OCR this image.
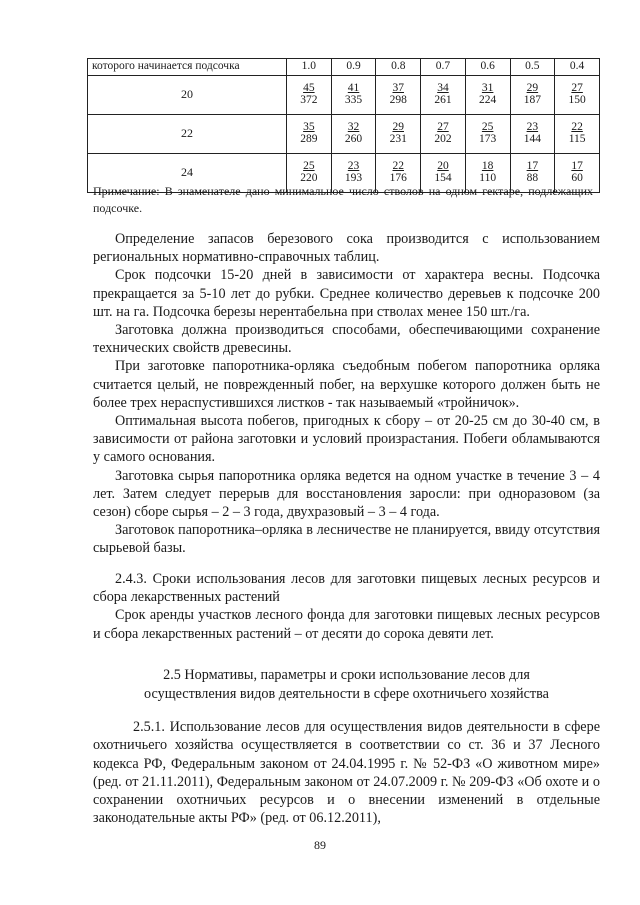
которого начинается подсочка	1.0	0.9	0.8	0.7	0.6	0.5	0.4
20	$\frac{45}{372}$	$\frac{41}{335}$	$\frac{37}{298}$	$\frac{34}{261}$	$\frac{31}{224}$	$\frac{29}{187}$	$\frac{27}{150}$

22	$\frac{35}{289}$	$\frac{32}{260}$	$\frac{29}{231}$	$\frac{27}{202}$	$\frac{25}{173}$	$\frac{23}{144}$	$\frac{22}{115}$

24	$\frac{25}{220}$	$\frac{23}{193}$	$\frac{22}{176}$	$\frac{20}{154}$	$\frac{18}{110}$	$\frac{17}{88}$	$\frac{17}{60}$
Примечание: В знаменателе дано минимальное число стволов на одном гектаре, подлежащих подсочке.

Определение запасов березового сока производится с использованием региональных нормативно-справочных таблиц.

Срок подсочки 15-20 дней в зависимости от характера весны. Подсочка прекращается за 5-10 лет до рубки. Среднее количество деревьев к подсочке 200 шт. на га. Подсочка березы нерентабельна при стволах менее 150 шт./га.

Заготовка должна производиться способами, обеспечивающими сохранение технических свойств древесины.

При заготовке папоротника-орляка съедобным побегом папоротника орляка считается целый, не поврежденный побег, на верхушке которого должен быть не более трех нераспустившихся листков - так называемый «тройничок».

Оптимальная высота побегов, пригодных к сбору – от 20-25 см до 30-40 см, в зависимости от района заготовки и условий произрастания. Побеги обламываются у самого основания.

Заготовка сырья папоротника орляка ведется на одном участке в течение 3 – 4 лет. Затем следует перерыв для восстановления заросли: при одноразовом (за сезон) сборе сырья – 2 – 3 года, двухразовый – 3 – 4 года.

Заготовок папоротника–орляка в лесничестве не планируется, ввиду отсутствия сырьевой базы.

2.4.3. Сроки использования лесов для заготовки пищевых лесных ресурсов и сбора лекарственных растений

Срок аренды участков лесного фонда для заготовки пищевых лесных ресурсов и сбора лекарственных растений – от десяти до сорока девяти лет.

2.5 Нормативы, параметры и сроки использование лесов для
осуществления видов деятельности в сфере охотничьего хозяйства

2.5.1. Использование лесов для осуществления видов деятельности в сфере охотничьего хозяйства осуществляется в соответствии со ст. 36 и 37 Лесного кодекса РФ, Федеральным законом от 24.04.1995 г. № 52-ФЗ «О животном мире» (ред. от 21.11.2011), Федеральным законом от 24.07.2009 г. № 209-ФЗ «Об охоте и о сохранении охотничьих ресурсов и о внесении изменений в отдельные законодательные акты РФ» (ред. от 06.12.2011),

89
